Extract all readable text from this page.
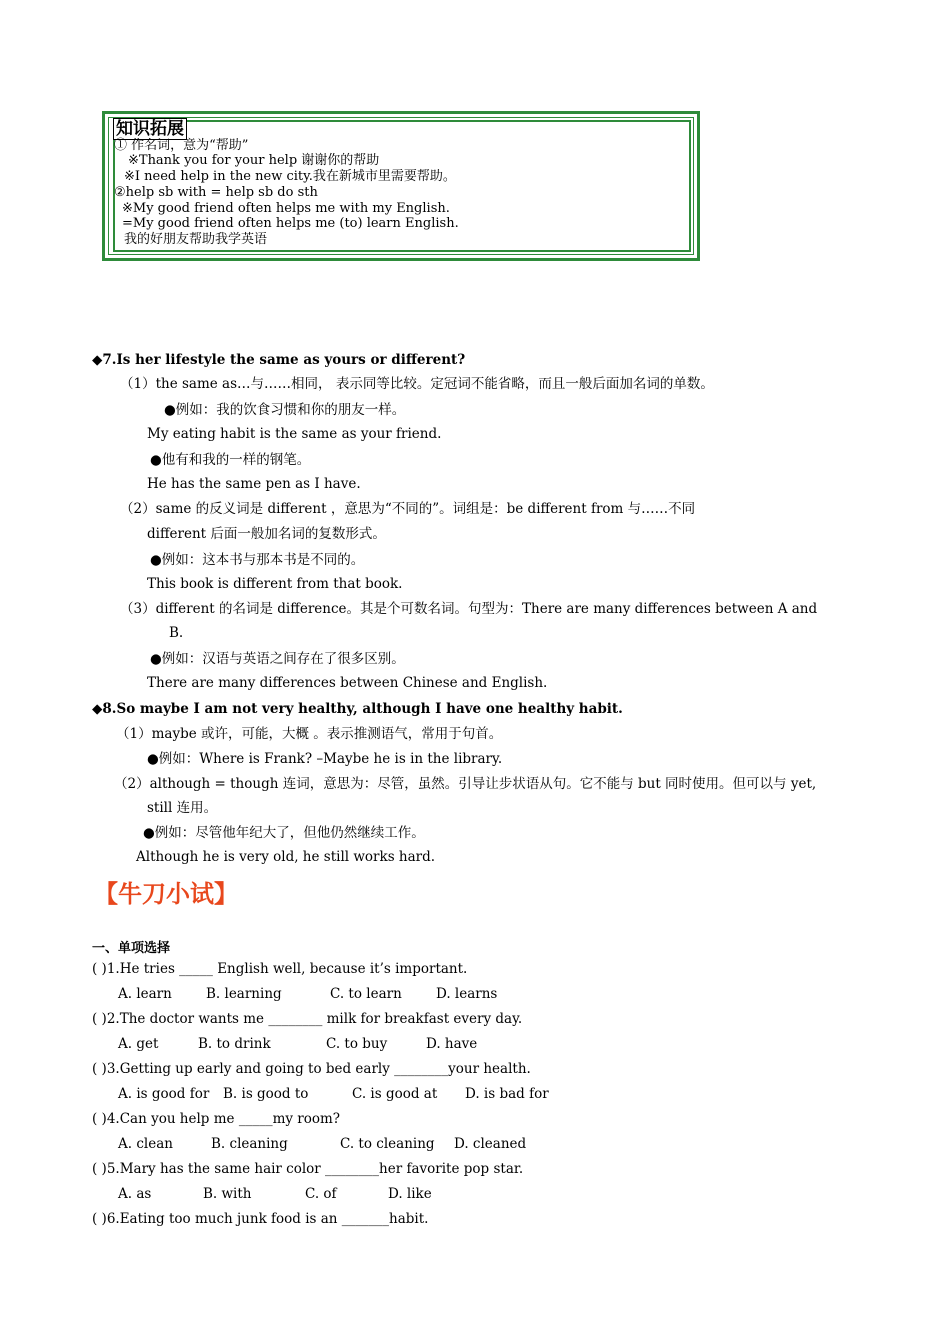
知识拓展
① 作名词，意为“帮助”
※Thank you for your help 谢谢你的帮助
※I need help in the new city.我在新城市里需要帮助。
②help sb with = help sb do sth
※My good friend often helps me with my English.
=My good friend often helps me (to) learn English.
我的好朋友帮助我学英语
◆7.Is her lifestyle the same as yours or different?
（1）the same as…与……相同， 表示同等比较。定冠词不能省略，而且一般后面加名词的单数。
●例如：我的饮食习惯和你的朋友一样。
My eating habit is the same as your friend.
●他有和我的一样的钢笔。
He has the same pen as I have.
（2）same 的反义词是 different ，意思为“不同的”。词组是：be different from 与……不同
different 后面一般加名词的复数形式。
●例如：这本书与那本书是不同的。
This book is different from that book.
（3）different 的名词是 difference。其是个可数名词。句型为：There are many differences between A and
B.
●例如：汉语与英语之间存在了很多区别。
There are many differences between Chinese and English.
◆8.So maybe I am not very healthy, although I have one healthy habit.
（1）maybe 或许，可能，大概 。表示推测语气，常用于句首。
●例如：Where is Frank? –Maybe he is in the library.
（2）although = though 连词，意思为：尽管，虽然。引导让步状语从句。它不能与 but 同时使用。但可以与 yet,
still 连用。
●例如：尽管他年纪大了，但他仍然继续工作。
Although he is very old, he still works hard.
【牛刀小试】
一、单项选择
( )1.He tries _____ English well, because it’s important.
A. learn	B. learning	C. to learn	D. learns
( )2.The doctor wants me ________ milk for breakfast every day.
A. get	B. to drink	C. to buy	D. have
( )3.Getting up early and going to bed early ________your health.
A. is good for B. is good to	C. is good at D. is bad for
( )4.Can you help me _____my room?
A. clean	B. cleaning	C. to cleaning D. cleaned
( )5.Mary has the same hair color ________her favorite pop star.
A. as	B. with	C. of	D. like
( )6.Eating too much junk food is an _______habit.
